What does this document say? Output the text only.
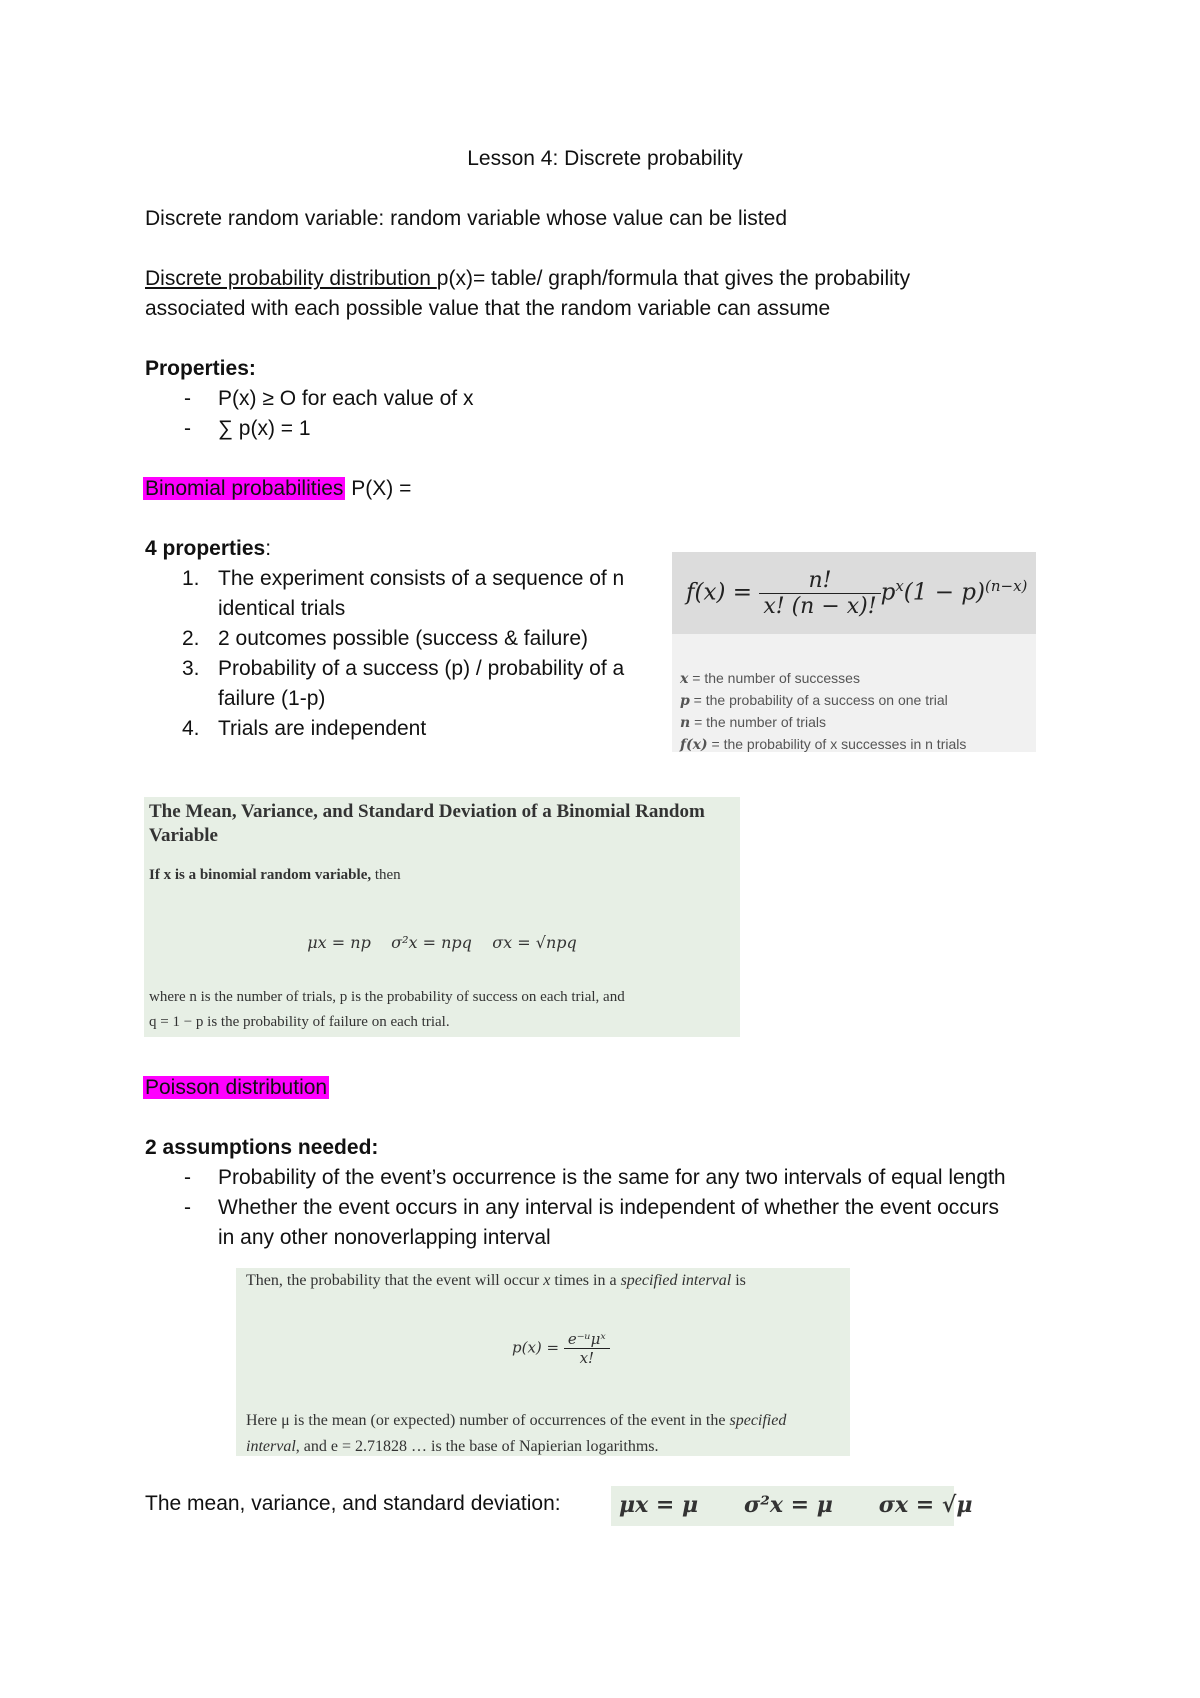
Lesson 4: Discrete probability
Discrete random variable: random variable whose value can be listed
Discrete probability distribution p(x)= table/ graph/formula that gives the probability
associated with each possible value that the random variable can assume
Properties:
- P(x) ≥ O for each value of x
- ∑ p(x) = 1
Binomial probabilities P(X) =
4 properties:
1. The experiment consists of a sequence of n
identical trials
2. 2 outcomes possible (success & failure)
3. Probability of a success (p) / probability of a
failure (1-p)
4. Trials are independent
$f(x) = \frac{n!}{x! (n - x)!} p^x(1 - p)^{(n-x)}$
x = the number of successes
p = the probability of a success on one trial
n = the number of trials
f(x) = the probability of x successes in n trials
The Mean, Variance, and Standard Deviation of a Binomial Random
Variable
If x is a binomial random variable, then
μx = np    σ²x = npq    σx = √npq
where n is the number of trials, p is the probability of success on each trial, and
q = 1 − p is the probability of failure on each trial.
Poisson distribution
2 assumptions needed:
- Probability of the event’s occurrence is the same for any two intervals of equal length
- Whether the event occurs in any interval is independent of whether the event occurs
in any other nonoverlapping interval
Then, the probability that the event will occur x times in a specified interval is
$p(x) = \frac{\text{e⁻ᵘμˣ}}{x!}$
Here μ is the mean (or expected) number of occurrences of the event in the specified
interval, and e = 2.71828 … is the base of Napierian logarithms.
The mean, variance, and standard deviation:	μx = μ      σ²x = μ      σx = √μ
